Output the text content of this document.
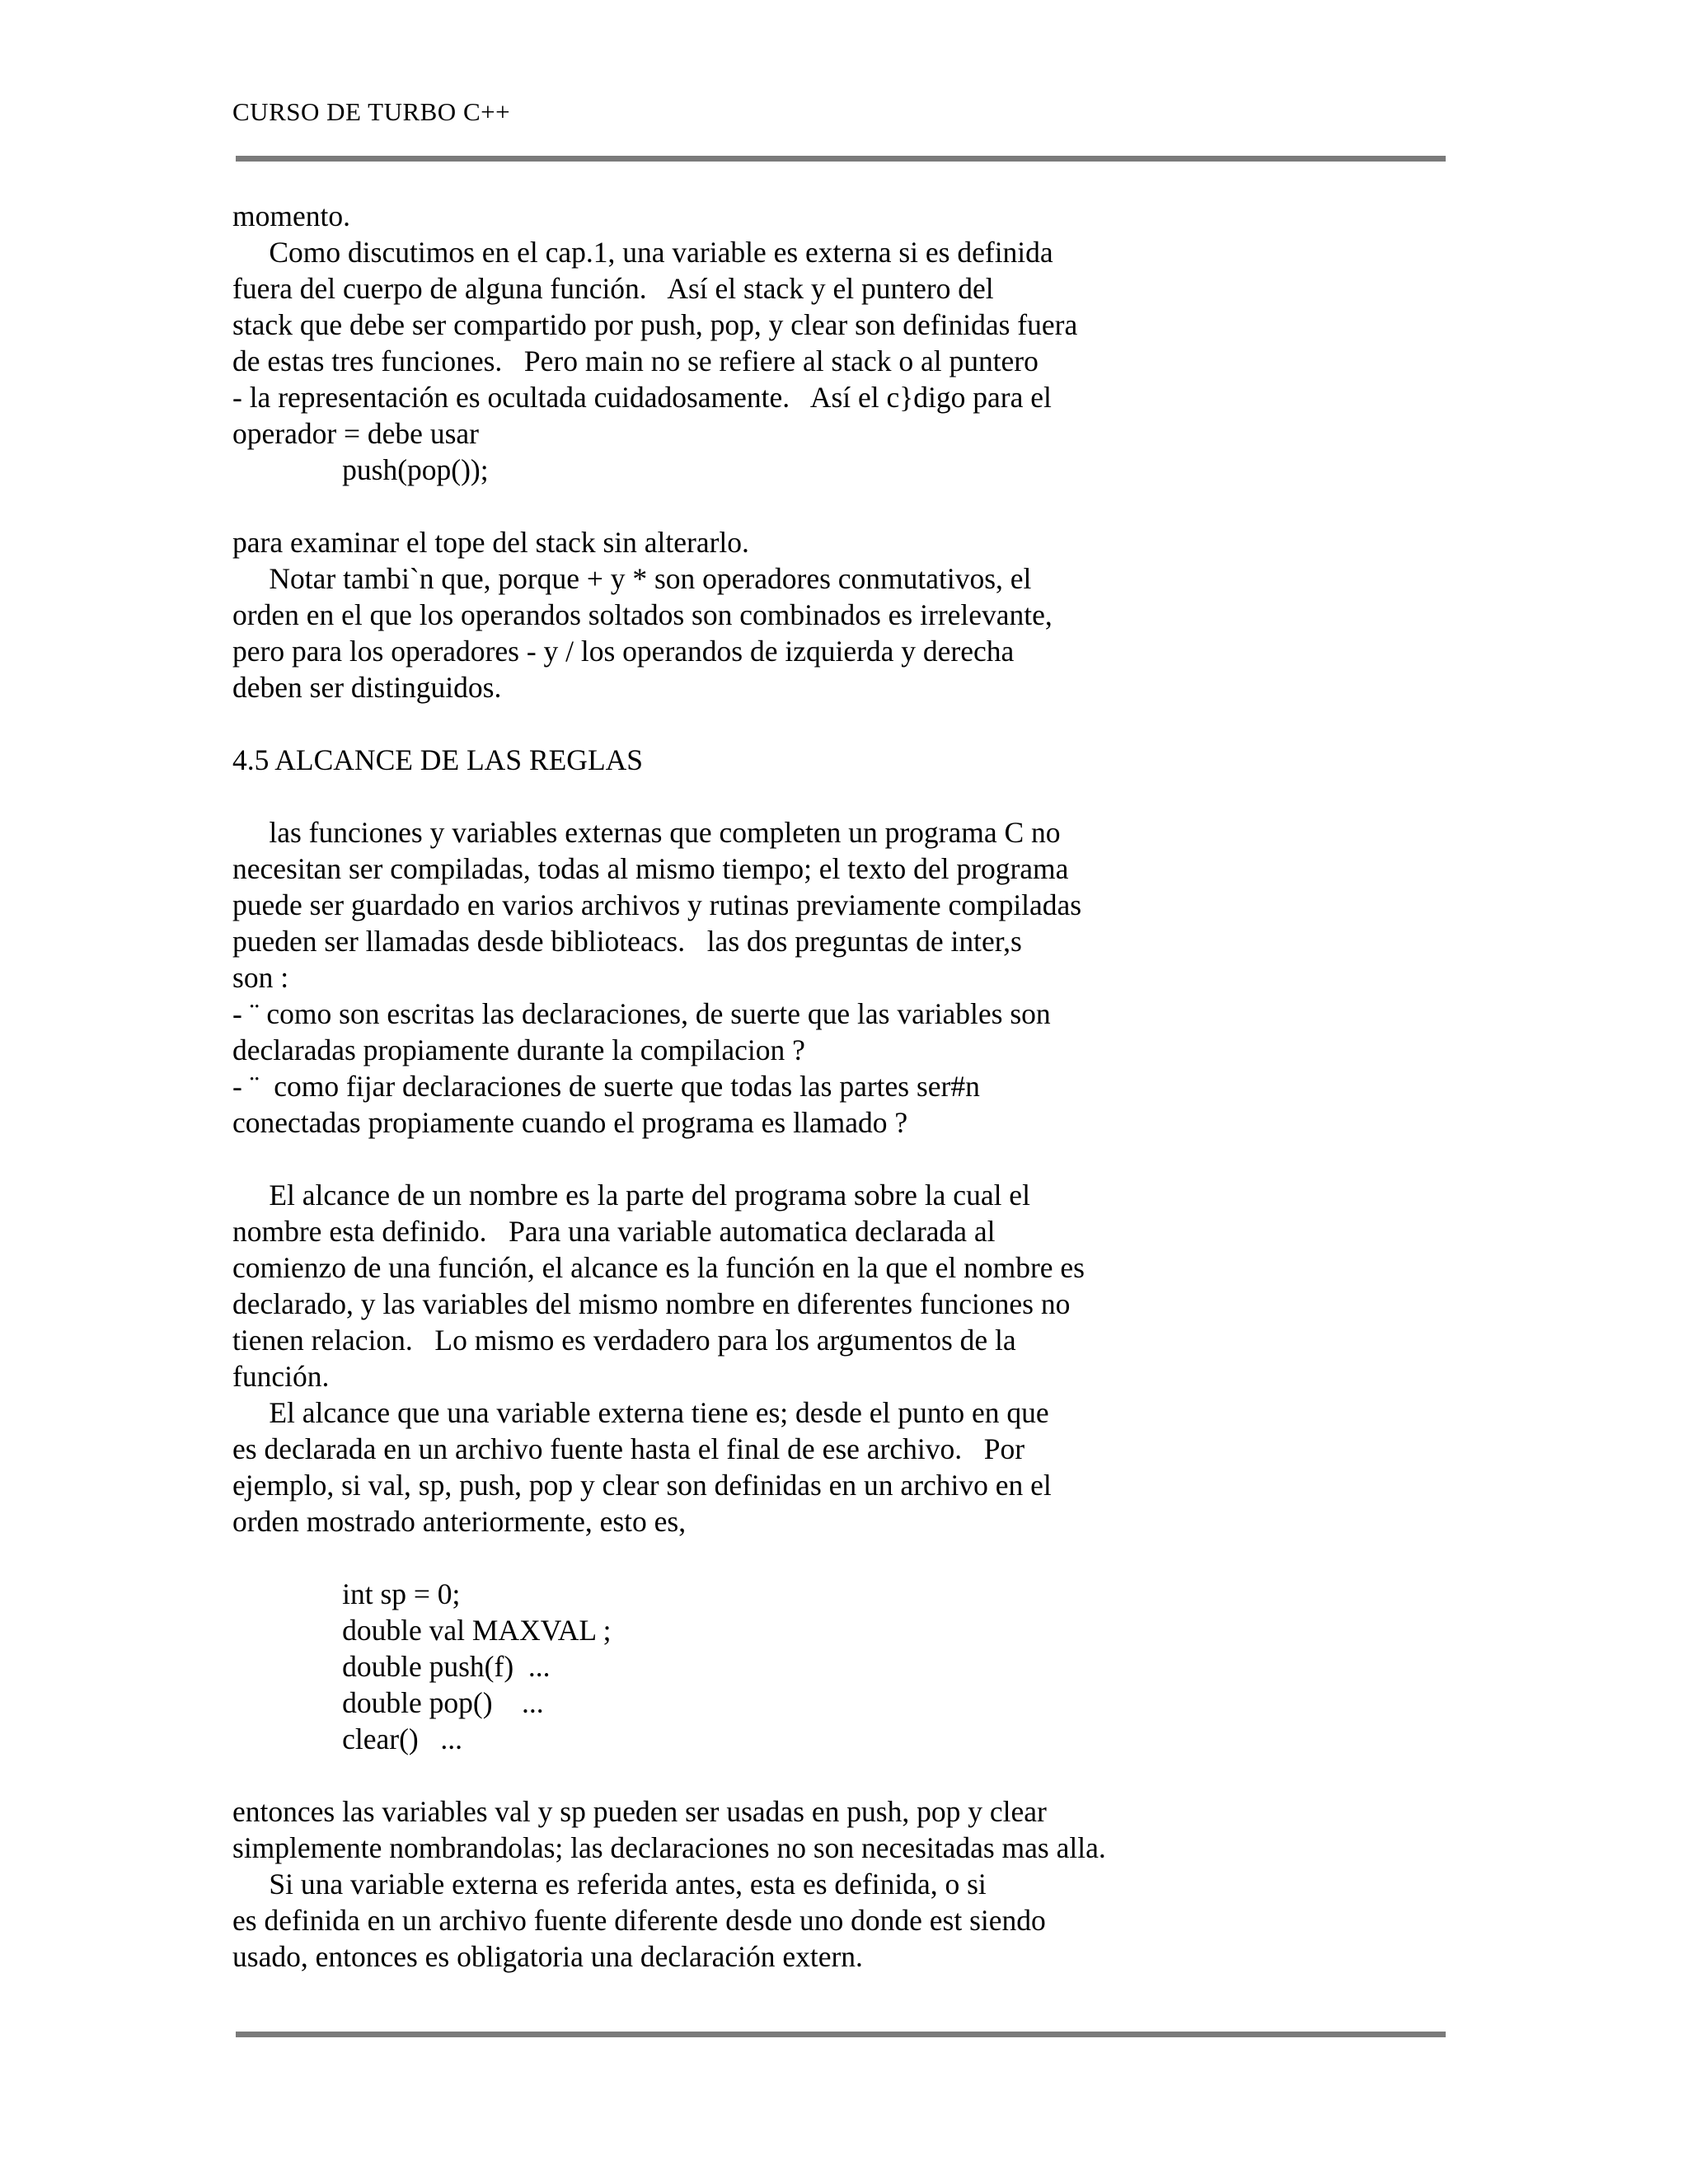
CURSO DE TURBO C++
momento.
Como discutimos en el cap.1, una variable es externa si es definida
fuera del cuerpo de alguna función.   Así el stack y el puntero del
stack que debe ser compartido por push, pop, y clear son definidas fuera
de estas tres funciones.   Pero main no se refiere al stack o al puntero
- la representación es ocultada cuidadosamente.   Así el c}digo para el
operador = debe usar
push(pop());
para examinar el tope del stack sin alterarlo.
Notar tambi`n que, porque + y * son operadores conmutativos, el
orden en el que los operandos soltados son combinados es irrelevante,
pero para los operadores - y / los operandos de izquierda y derecha
deben ser distinguidos.
4.5 ALCANCE DE LAS REGLAS
las funciones y variables externas que completen un programa C no
necesitan ser compiladas, todas al mismo tiempo; el texto del programa
puede ser guardado en varios archivos y rutinas previamente compiladas
pueden ser llamadas desde biblioteacs.   las dos preguntas de inter,s
son :
- ¨ como son escritas las declaraciones, de suerte que las variables son
declaradas propiamente durante la compilacion ?
- ¨  como fijar declaraciones de suerte que todas las partes ser#n
conectadas propiamente cuando el programa es llamado ?
El alcance de un nombre es la parte del programa sobre la cual el
nombre esta definido.   Para una variable automatica declarada al
comienzo de una función, el alcance es la función en la que el nombre es
declarado, y las variables del mismo nombre en diferentes funciones no
tienen relacion.   Lo mismo es verdadero para los argumentos de la
función.
El alcance que una variable externa tiene es; desde el punto en que
es declarada en un archivo fuente hasta el final de ese archivo.   Por
ejemplo, si val, sp, push, pop y clear son definidas en un archivo en el
orden mostrado anteriormente, esto es,
int sp = 0;
double val MAXVAL ;
double push(f)  ...
double pop()    ...
clear()   ...
entonces las variables val y sp pueden ser usadas en push, pop y clear
simplemente nombrandolas; las declaraciones no son necesitadas mas alla.
Si una variable externa es referida antes, esta es definida, o si
es definida en un archivo fuente diferente desde uno donde est siendo
usado, entonces es obligatoria una declaración extern.
